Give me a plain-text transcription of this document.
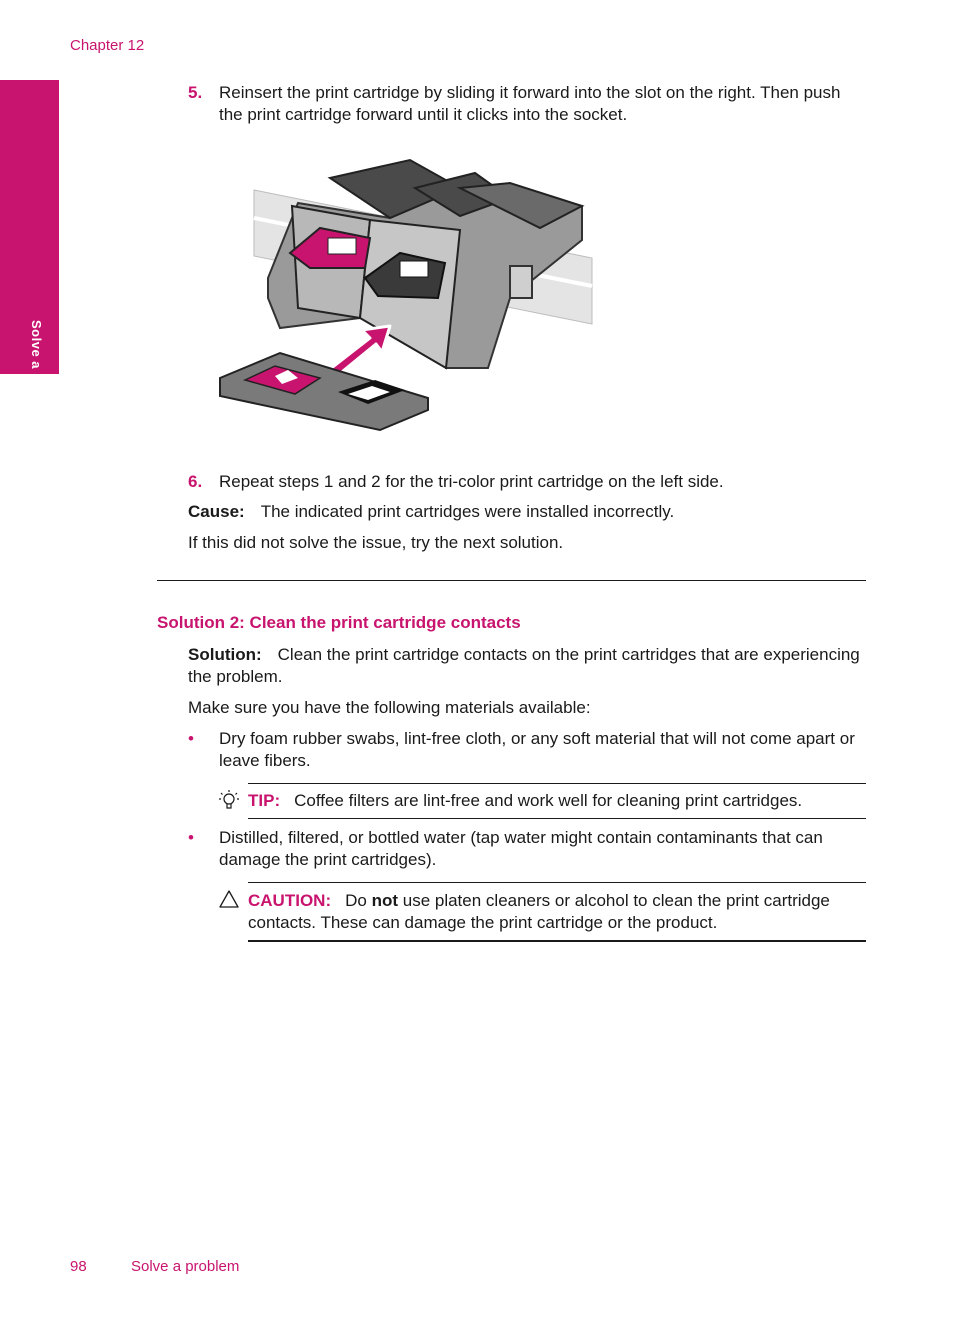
Chapter 12
Solve a problem
5. Reinsert the print cartridge by sliding it forward into the slot on the right. Then push the print cartridge forward until it clicks into the socket.
6. Repeat steps 1 and 2 for the tri-color print cartridge on the left side.
Cause: The indicated print cartridges were installed incorrectly.
If this did not solve the issue, try the next solution.
Solution 2: Clean the print cartridge contacts
Solution: Clean the print cartridge contacts on the print cartridges that are experiencing the problem.
Make sure you have the following materials available:
• Dry foam rubber swabs, lint-free cloth, or any soft material that will not come apart or leave fibers.
TIP: Coffee filters are lint-free and work well for cleaning print cartridges.
• Distilled, filtered, or bottled water (tap water might contain contaminants that can damage the print cartridges).
CAUTION: Do not use platen cleaners or alcohol to clean the print cartridge contacts. These can damage the print cartridge or the product.
98	Solve a problem
